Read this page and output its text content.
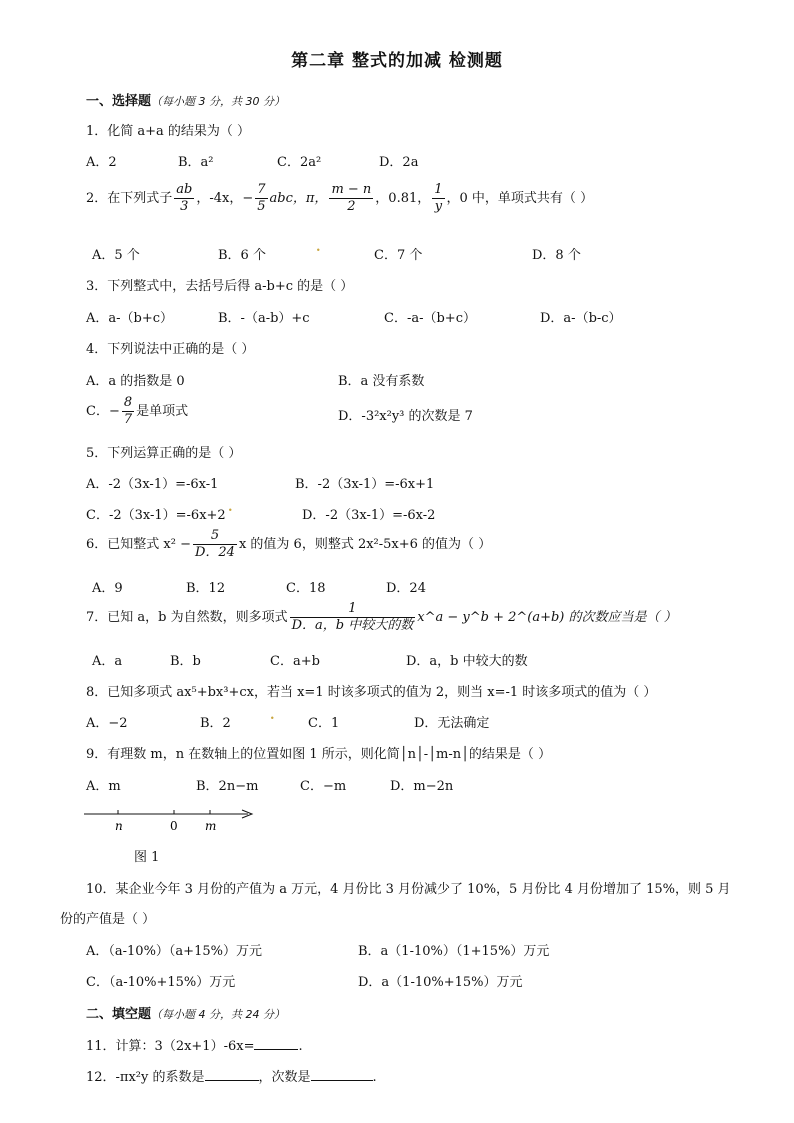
第二章 整式的加减 检测题
一、选择题（每小题 3 分，共 30 分）
1．化简 a+a 的结果为（ ）
A．2	B．a²	C．2a²	D．2a
2．在下列式子 $\frac{ab}{3}$ ，-4x，− $\frac{7}{5}$ abc，π， $\frac{m - n}{2}$ ，0.81， $\frac{1}{y}$ ，0 中，单项式共有（ ）
A．5 个	B．6 个
.
C．7 个	D．8 个
3．下列整式中，去括号后得 a-b+c 的是（ ）
A．a-（b+c）	B．-（a-b）+c	C．-a-（b+c）	D．a-（b-c）
4．下列说法中正确的是（ ）
A．a 的指数是 0	B．a 没有系数
C．− $\frac{8}{7}$ 是单项式	D．-3²x²y³ 的次数是 7
5．下列运算正确的是（ ）
A．-2（3x-1）=-6x-1	B．-2（3x-1）=-6x+1
C．-2（3x-1）=-6x+2
.
D．-2（3x-1）=-6x-2
6．已知整式 $x^2 - \frac{5}{D.24}$ x 的值为 6，则整式 2x²-5x+6 的值为（ ）
A．9	B．12	C．18	D．24
7．已知 a，b 为自然数，则多项式 $\frac{1}{\text{D．a，b 中较大的数}}$ x^a − y^b + 2^(a+b) 的次数应当是（ ）
A．a	B．b	C．a+b	D．a，b 中较大的数
8．已知多项式 ax⁵+bx³+cx，若当 x=1 时该多项式的值为 2，则当 x=-1 时该多项式的值为（ ）
A．−2	B．2
.
C．1	D．无法确定
9．有理数 m，n 在数轴上的位置如图 1 所示，则化简│n│-│m-n│的结果是（ ）
A．m	B．2n−m	C．−m	D．m−2n
n	0 m
图 1
10．某企业今年 3 月份的产值为 a 万元，4 月份比 3 月份减少了 10%，5 月份比 4 月份增加了 15%，则 5 月
份的产值是（ ）
A．（a-10%）（a+15%）万元	B．a（1-10%）（1+15%）万元
C．（a-10%+15%）万元	D．a（1-10%+15%）万元
二、填空题（每小题 4 分，共 24 分）
11．计算：3（2x+1）-6x=	.
12．-πx²y 的系数是	，次数是	.
